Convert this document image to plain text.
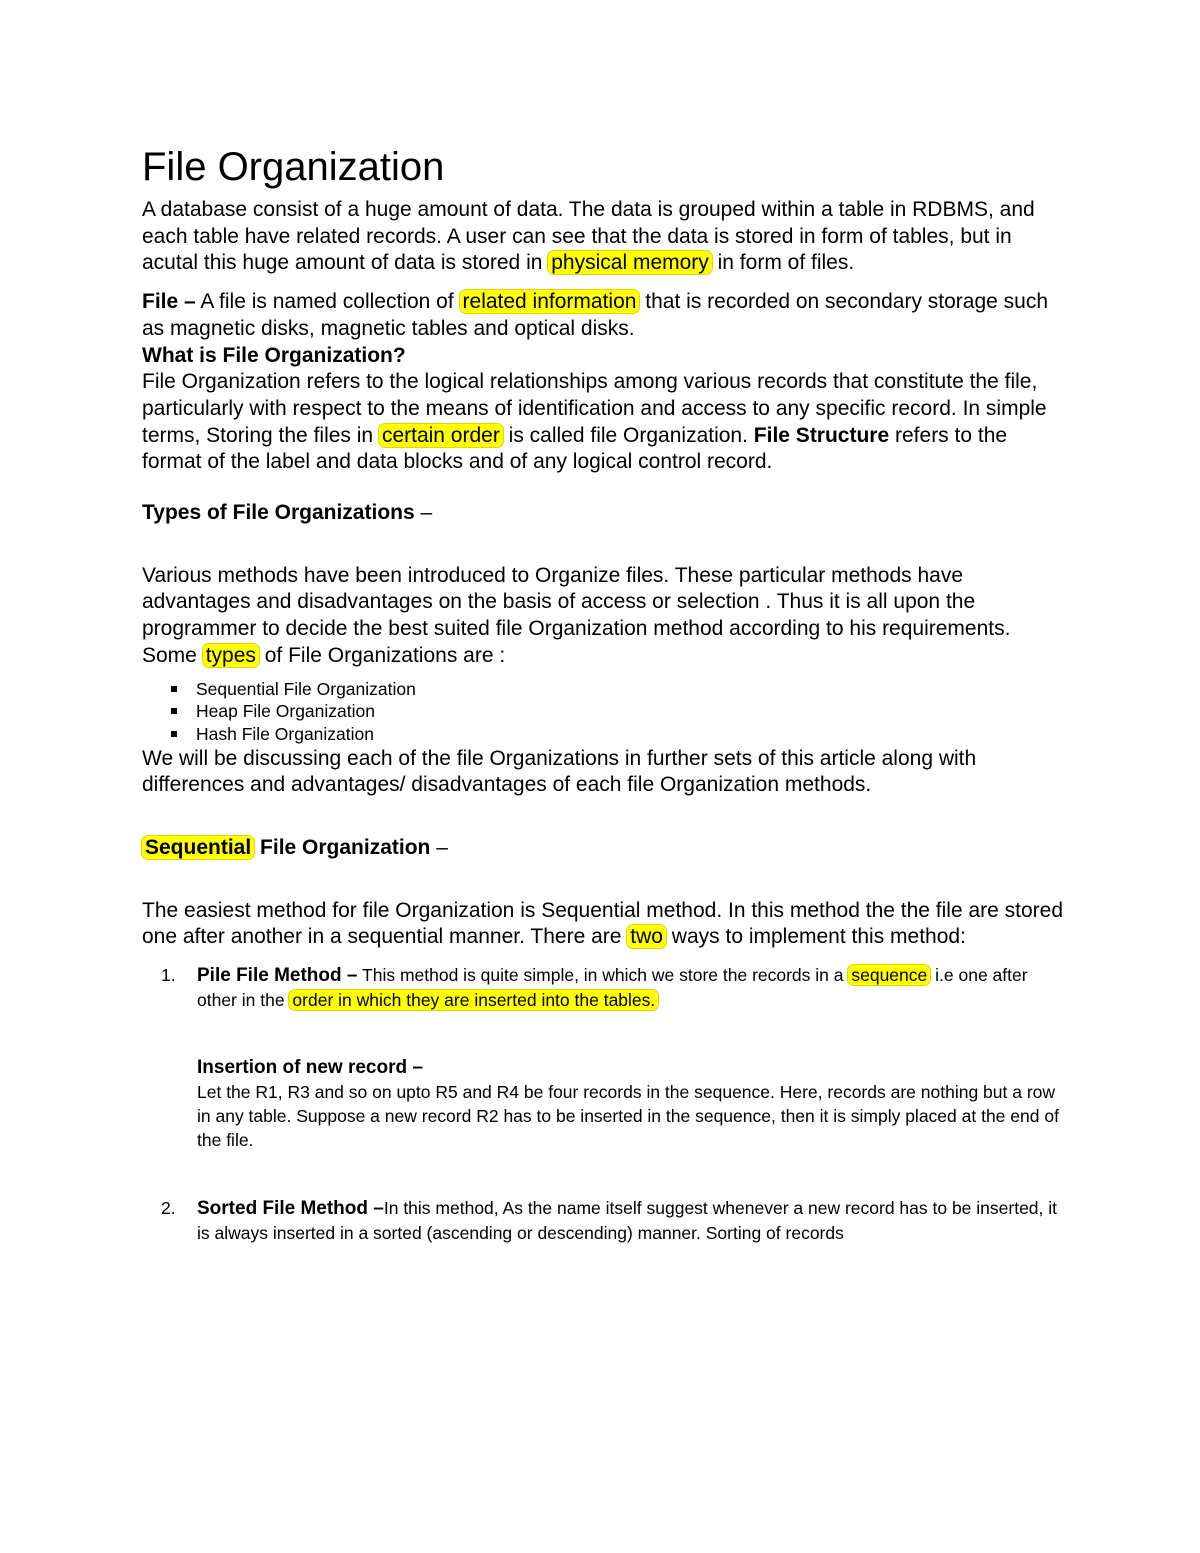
File Organization

A database consist of a huge amount of data. The data is grouped within a table in RDBMS, and each table have related records. A user can see that the data is stored in form of tables, but in acutal this huge amount of data is stored in physical memory in form of files.

File – A file is named collection of related information that is recorded on secondary storage such as magnetic disks, magnetic tables and optical disks.

What is File Organization?

File Organization refers to the logical relationships among various records that constitute the file, particularly with respect to the means of identification and access to any specific record. In simple terms, Storing the files in certain order is called file Organization. File Structure refers to the format of the label and data blocks and of any logical control record.

Types of File Organizations –

Various methods have been introduced to Organize files. These particular methods have advantages and disadvantages on the basis of access or selection . Thus it is all upon the programmer to decide the best suited file Organization method according to his requirements.

Some types of File Organizations are :

Sequential File Organization
Heap File Organization
Hash File Organization

We will be discussing each of the file Organizations in further sets of this article along with differences and advantages/ disadvantages of each file Organization methods.

Sequential File Organization –

The easiest method for file Organization is Sequential method. In this method the the file are stored one after another in a sequential manner. There are two ways to implement this method:

1. Pile File Method – This method is quite simple, in which we store the records in a sequence i.e one after other in the order in which they are inserted into the tables.
Insertion of new record –
Let the R1, R3 and so on upto R5 and R4 be four records in the sequence. Here, records are nothing but a row in any table. Suppose a new record R2 has to be inserted in the sequence, then it is simply placed at the end of the file.
2. Sorted File Method –In this method, As the name itself suggest whenever a new record has to be inserted, it is always inserted in a sorted (ascending or descending) manner. Sorting of records
